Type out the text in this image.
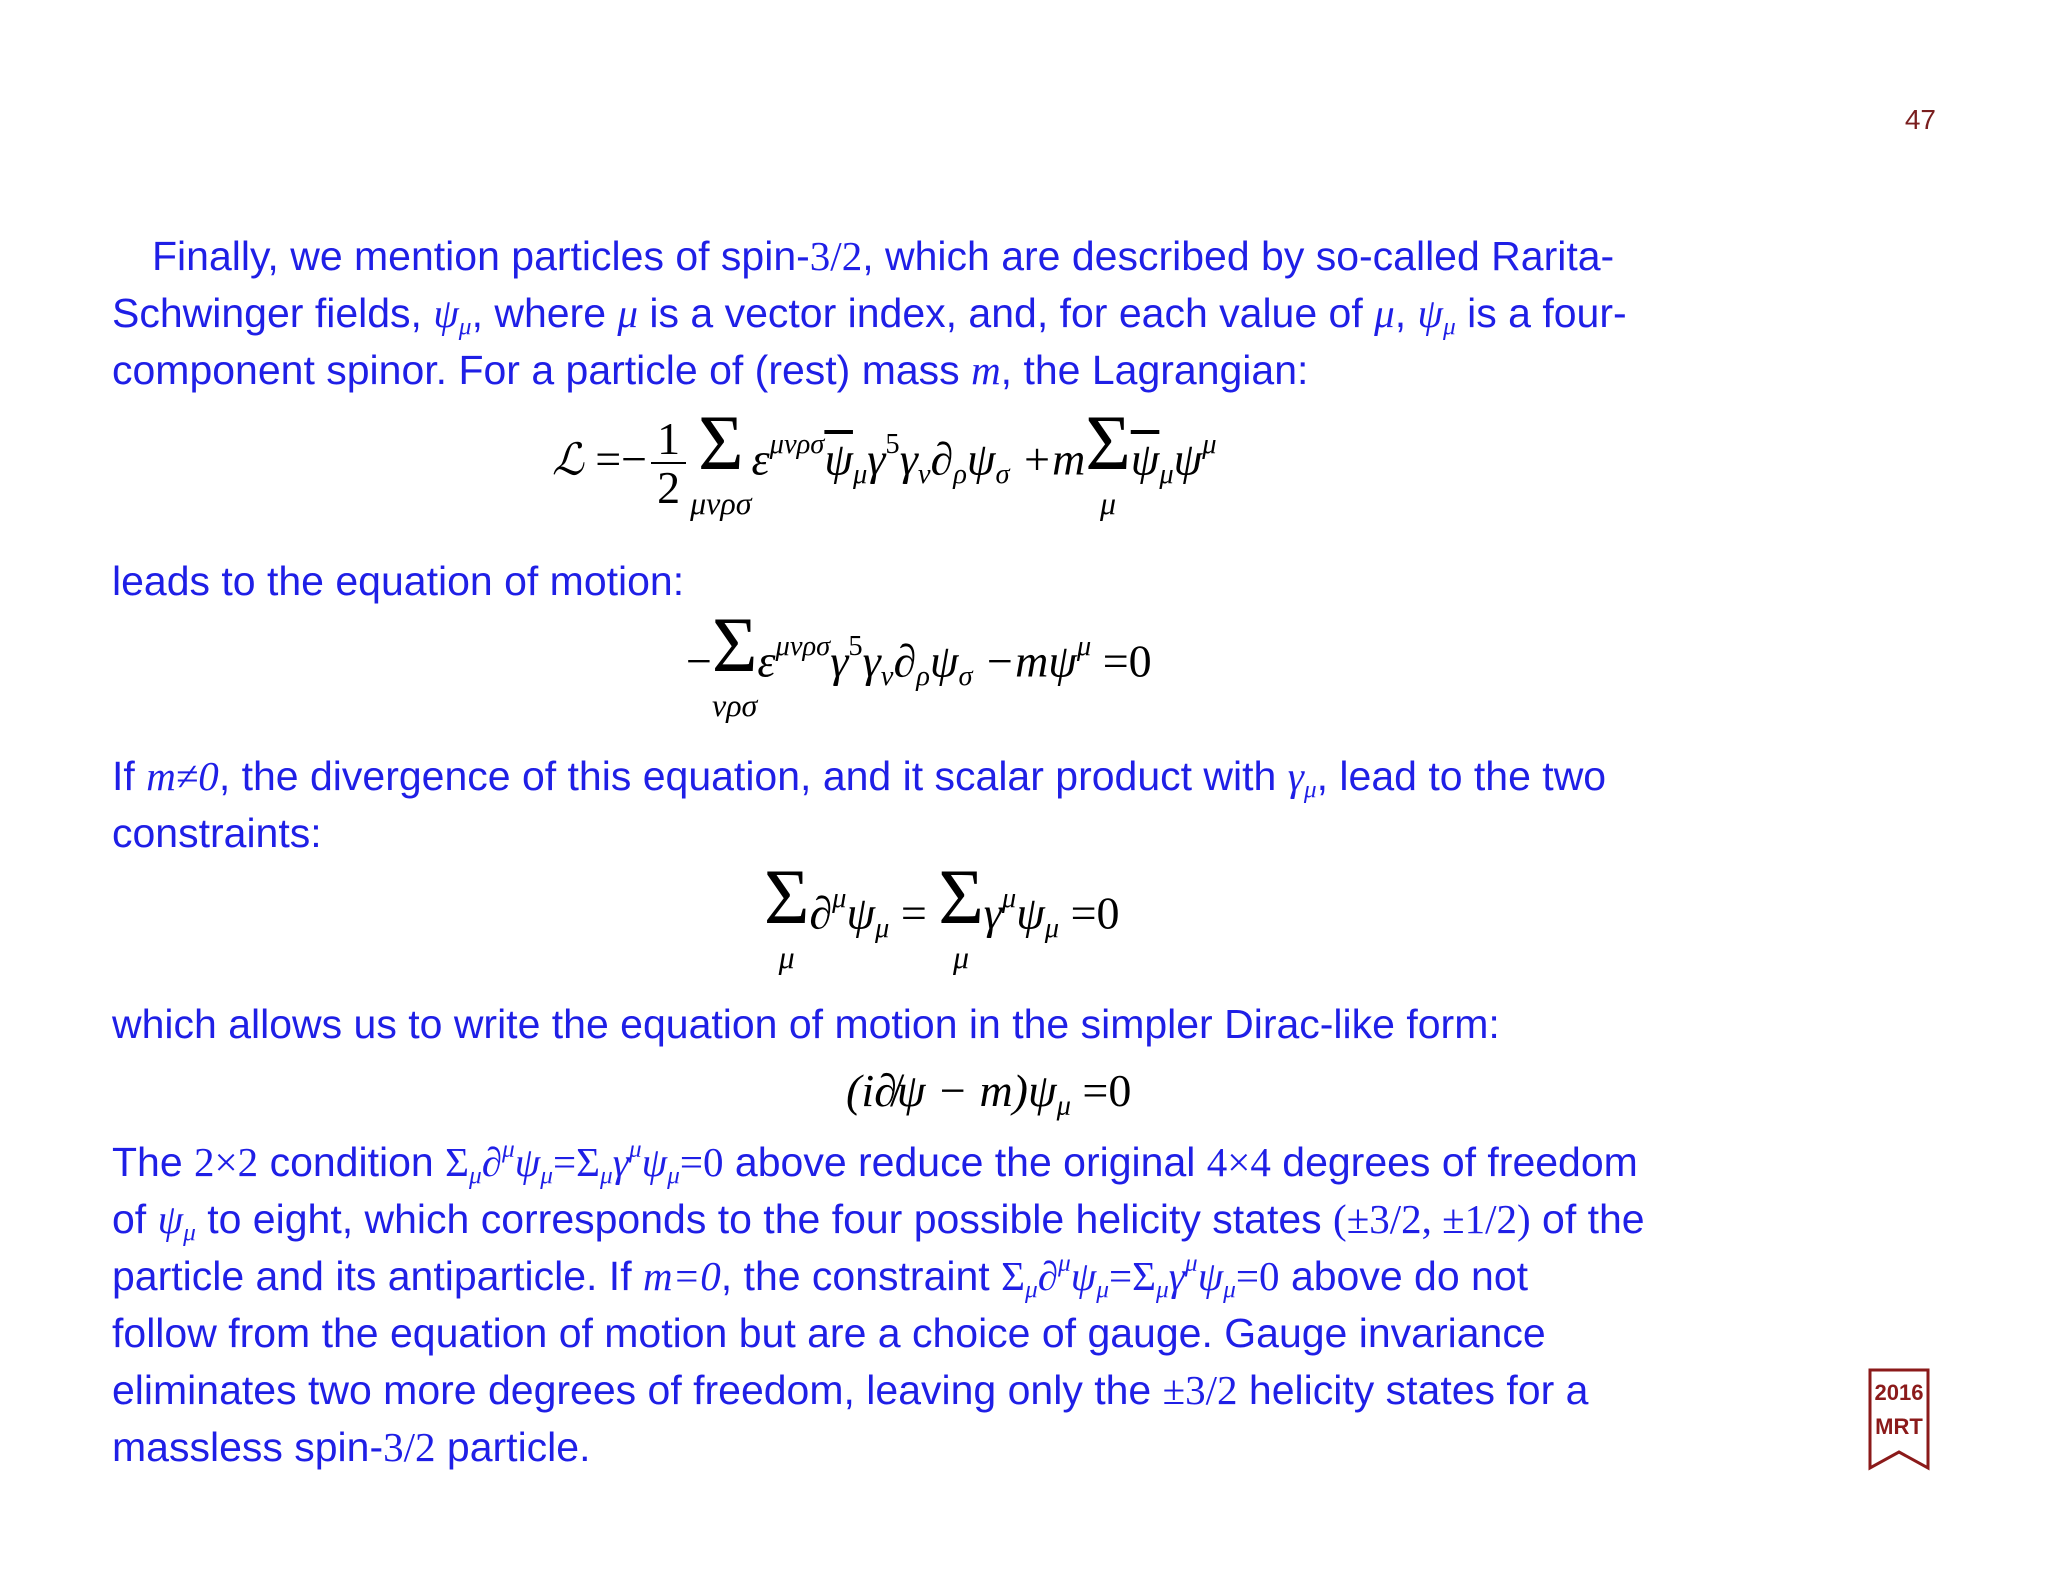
47

Finally, we mention particles of spin-3/2, which are described by so-called Rarita-
Schwinger fields, $\psi_\mu$, where μ is a vector index, and, for each value of μ, $\psi_\mu$ is a four-
component spinor. For a particle of (rest) mass m, the Lagrangian:

ℒ =− $\frac{1}{2}$ Σ
μνρσ
$\varepsilon^{\mu\nu\rho\sigma}\overline{\psi}_\mu\gamma^5\gamma_\nu\partial_\rho\psi_\sigma +m$ Σ
μ
$\overline{\psi}_\mu\psi^\mu$

leads to the equation of motion:

− Σ
νρσ
$\varepsilon^{\mu\nu\rho\sigma}\gamma^5\gamma_\nu\partial_\rho\psi_\sigma -m\psi^\mu =0$

If m≠0, the divergence of this equation, and it scalar product with $\gamma_\mu$, lead to the two
constraints:

Σ
μ
$\partial^\mu\psi_\mu = \Sigma$
μ
$\gamma^\mu\psi_\mu =0$

which allows us to write the equation of motion in the simpler Dirac-like form:

(i∂̸ψ − $m)\psi_\mu =0$

The 2×2 condition $\Sigma_\mu\partial^\mu\psi_\mu=\Sigma_\mu\gamma^\mu\psi_\mu=0$ above reduce the original 4×4 degrees of freedom
of $\psi_\mu$ to eight, which corresponds to the four possible helicity states (±3/2, ±1/2) of the
particle and its antiparticle. If m=0, the constraint $\Sigma_\mu\partial^\mu\psi_\mu=\Sigma_\mu\gamma^\mu\psi_\mu=0$ above do not
follow from the equation of motion but are a choice of gauge. Gauge invariance
eliminates two more degrees of freedom, leaving only the ±3/2 helicity states for a
massless spin-3/2 particle.

2016
MRT
